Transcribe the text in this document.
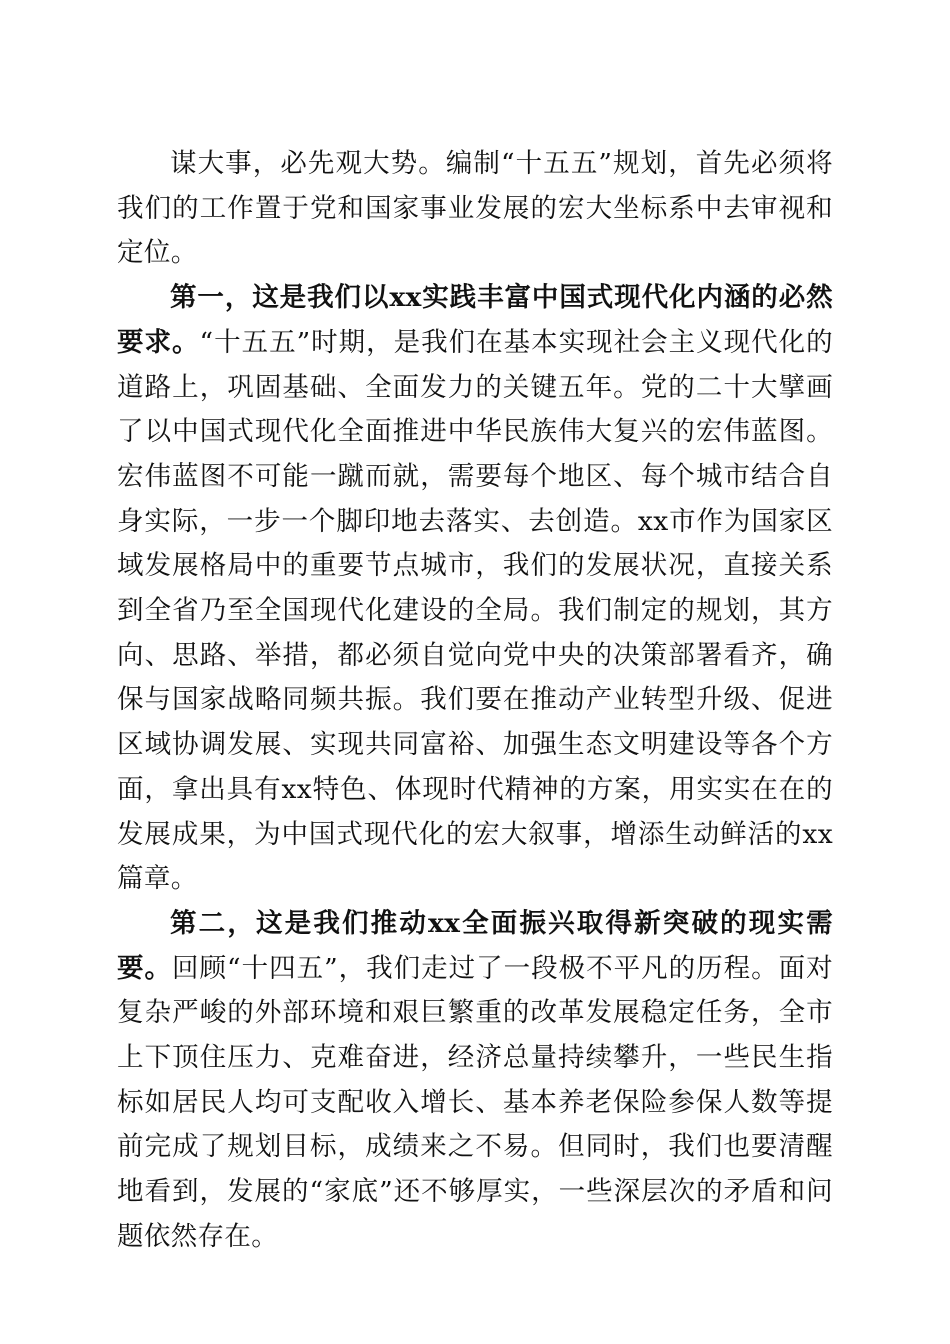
谋大事，必先观大势。编制“十五五”规划，首先必须将我们的工作置于党和国家事业发展的宏大坐标系中去审视和定位。

第一，这是我们以xx实践丰富中国式现代化内涵的必然要求。“十五五”时期，是我们在基本实现社会主义现代化的道路上，巩固基础、全面发力的关键五年。党的二十大擘画了以中国式现代化全面推进中华民族伟大复兴的宏伟蓝图。宏伟蓝图不可能一蹴而就，需要每个地区、每个城市结合自身实际，一步一个脚印地去落实、去创造。xx市作为国家区域发展格局中的重要节点城市，我们的发展状况，直接关系到全省乃至全国现代化建设的全局。我们制定的规划，其方向、思路、举措，都必须自觉向党中央的决策部署看齐，确保与国家战略同频共振。我们要在推动产业转型升级、促进区域协调发展、实现共同富裕、加强生态文明建设等各个方面，拿出具有xx特色、体现时代精神的方案，用实实在在的发展成果，为中国式现代化的宏大叙事，增添生动鲜活的xx篇章。

第二，这是我们推动xx全面振兴取得新突破的现实需要。回顾“十四五”，我们走过了一段极不平凡的历程。面对复杂严峻的外部环境和艰巨繁重的改革发展稳定任务，全市上下顶住压力、克难奋进，经济总量持续攀升，一些民生指标如居民人均可支配收入增长、基本养老保险参保人数等提前完成了规划目标，成绩来之不易。但同时，我们也要清醒地看到，发展的“家底”还不够厚实，一些深层次的矛盾和问题依然存在。
